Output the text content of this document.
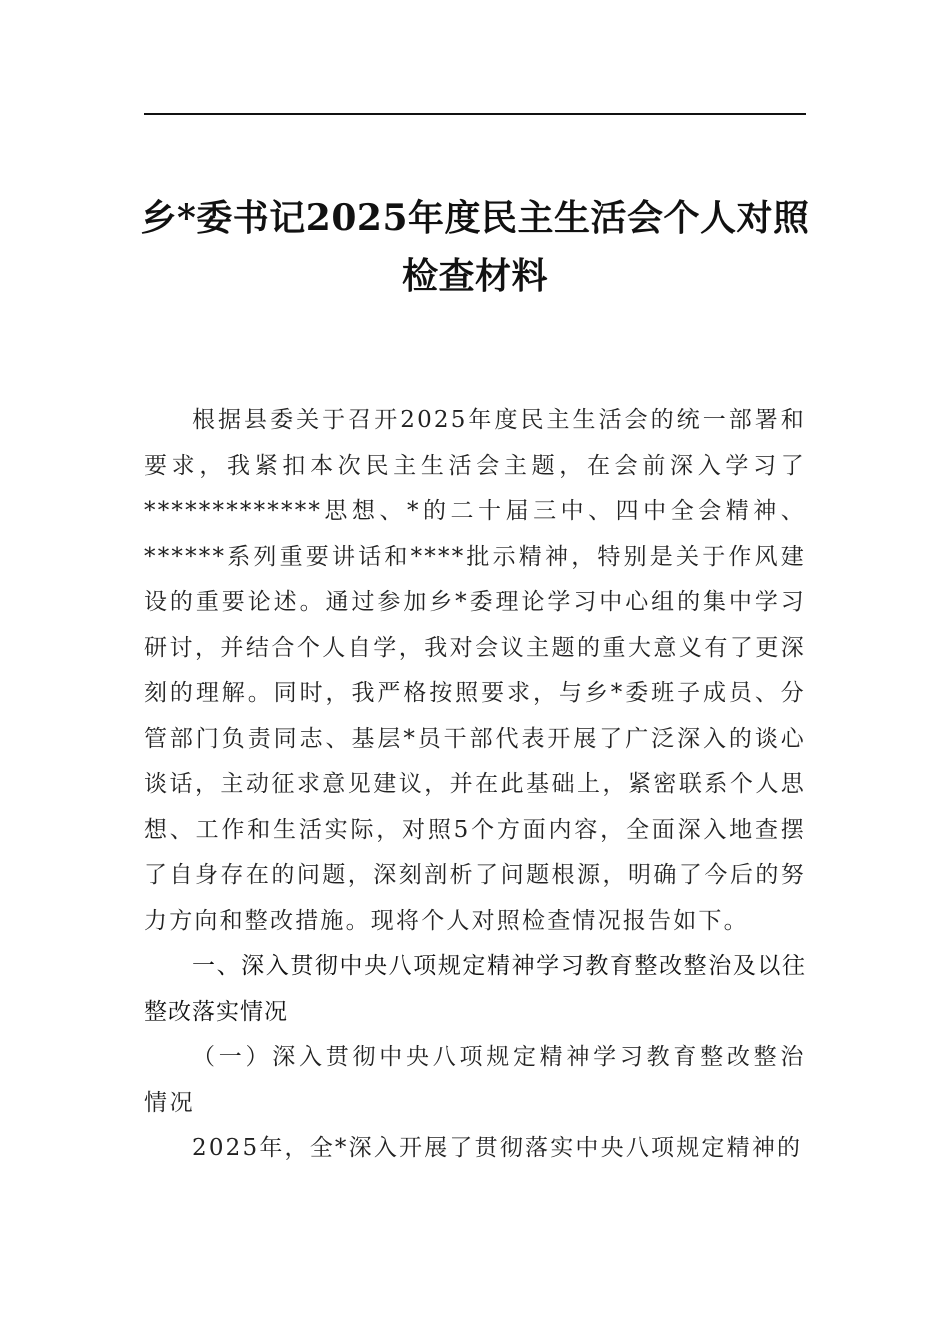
乡*委书记2025年度民主生活会个人对照
检查材料

根据县委关于召开2025年度民主生活会的统一部署和要求，我紧扣本次民主生活会主题，在会前深入学习了*************思想、*的二十届三中、四中全会精神、******系列重要讲话和****批示精神，特别是关于作风建设的重要论述。通过参加乡*委理论学习中心组的集中学习研讨，并结合个人自学，我对会议主题的重大意义有了更深刻的理解。同时，我严格按照要求，与乡*委班子成员、分管部门负责同志、基层*员干部代表开展了广泛深入的谈心谈话，主动征求意见建议，并在此基础上，紧密联系个人思想、工作和生活实际，对照5个方面内容，全面深入地查摆了自身存在的问题，深刻剖析了问题根源，明确了今后的努力方向和整改措施。现将个人对照检查情况报告如下。

一、深入贯彻中央八项规定精神学习教育整改整治及以往整改落实情况

（一）深入贯彻中央八项规定精神学习教育整改整治情况

2025年，全*深入开展了贯彻落实中央八项规定精神的
